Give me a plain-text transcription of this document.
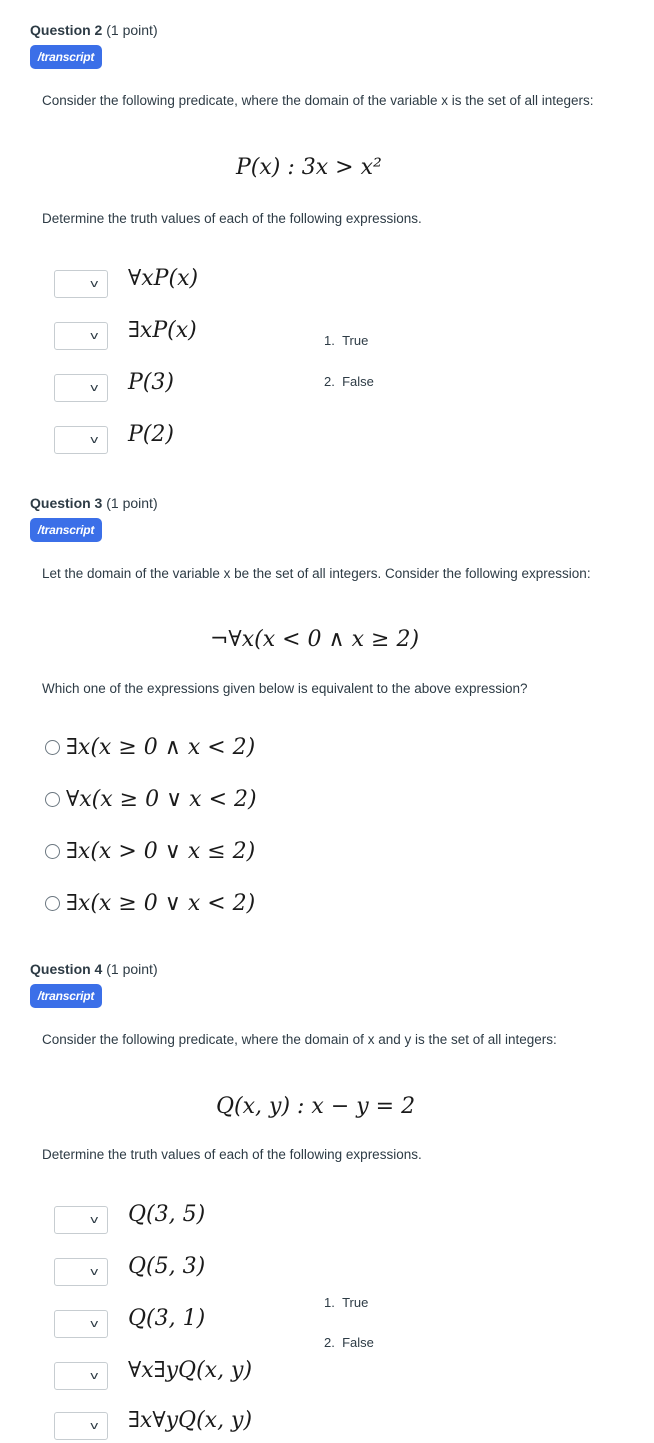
Question 2 (1 point)
/transcript
Consider the following predicate, where the domain of the variable x is the set of all integers:
P(x) : 3x > x²
Determine the truth values of each of the following expressions.
v ∀xP(x)
v ∃xP(x)
v P(3)
v P(2)
1.  True
2.  False
Question 3 (1 point)
/transcript
Let the domain of the variable x be the set of all integers. Consider the following expression:
¬∀x(x < 0 ∧ x ≥ 2)
Which one of the expressions given below is equivalent to the above expression?
∃x(x ≥ 0 ∧ x < 2)
∀x(x ≥ 0 ∨ x < 2)
∃x(x > 0 ∨ x ≤ 2)
∃x(x ≥ 0 ∨ x < 2)
Question 4 (1 point)
/transcript
Consider the following predicate, where the domain of x and y is the set of all integers:
Q(x, y) : x − y = 2
Determine the truth values of each of the following expressions.
v Q(3, 5)
v Q(5, 3)
v Q(3, 1)
v ∀x∃yQ(x, y)
v ∃x∀yQ(x, y)
1.  True
2.  False
